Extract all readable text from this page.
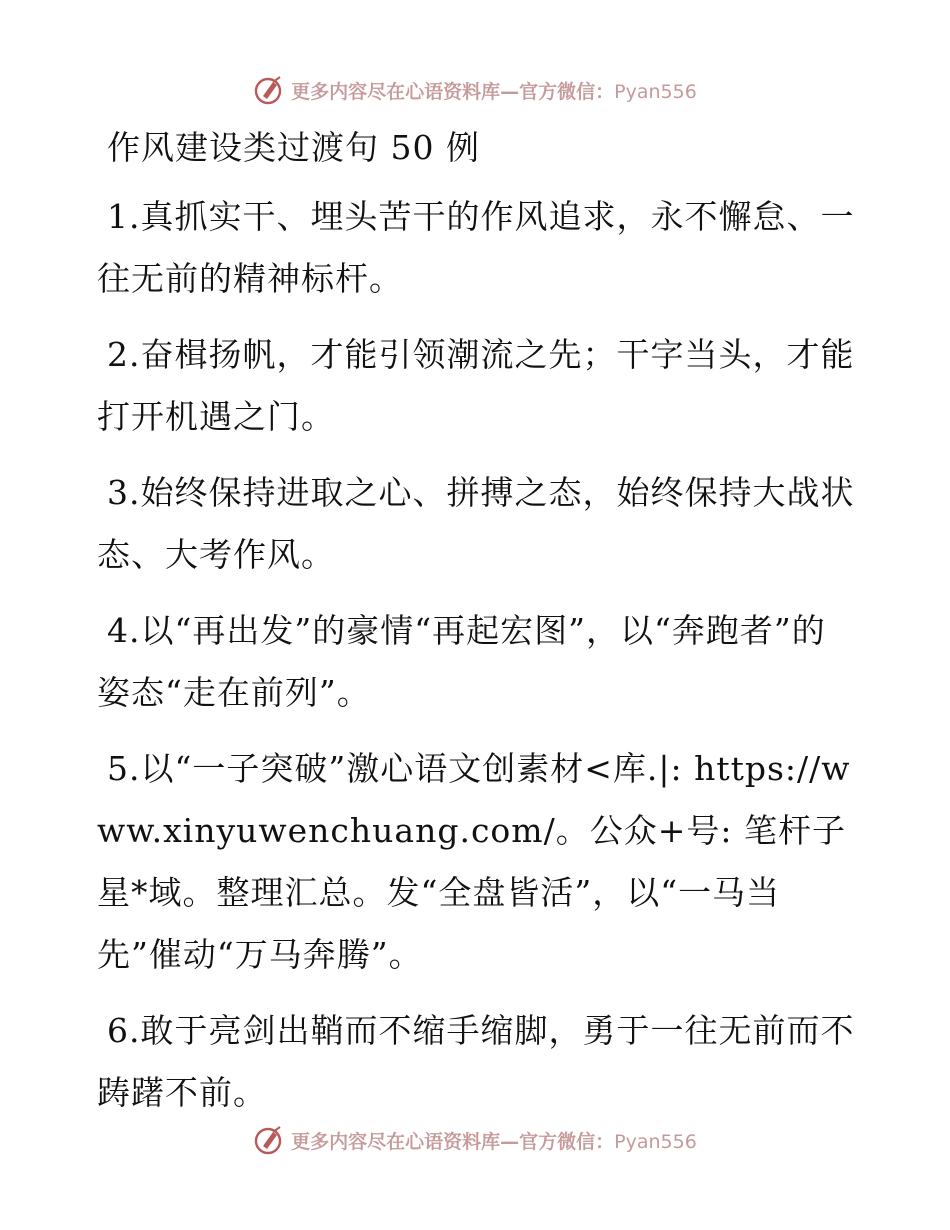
更多内容尽在心语资料库—官方微信：Pyan556
作风建设类过渡句 50 例

1.真抓实干、埋头苦干的作风追求，永不懈怠、一往无前的精神标杆。

2.奋楫扬帆，才能引领潮流之先；干字当头，才能打开机遇之门。

3.始终保持进取之心、拼搏之态，始终保持大战状态、大考作风。

4.以“再出发”的豪情“再起宏图”，以“奔跑者”的姿态“走在前列”。

5.以“一子突破”激心语文创素材<库.|: https://www.xinyuwenchuang.com/。公众+号: 笔杆子星*域。整理汇总。发“全盘皆活”，以“一马当先”催动“万马奔腾”。

6.敢于亮剑出鞘而不缩手缩脚，勇于一往无前而不踌躇不前。

更多内容尽在心语资料库—官方微信：Pyan556
